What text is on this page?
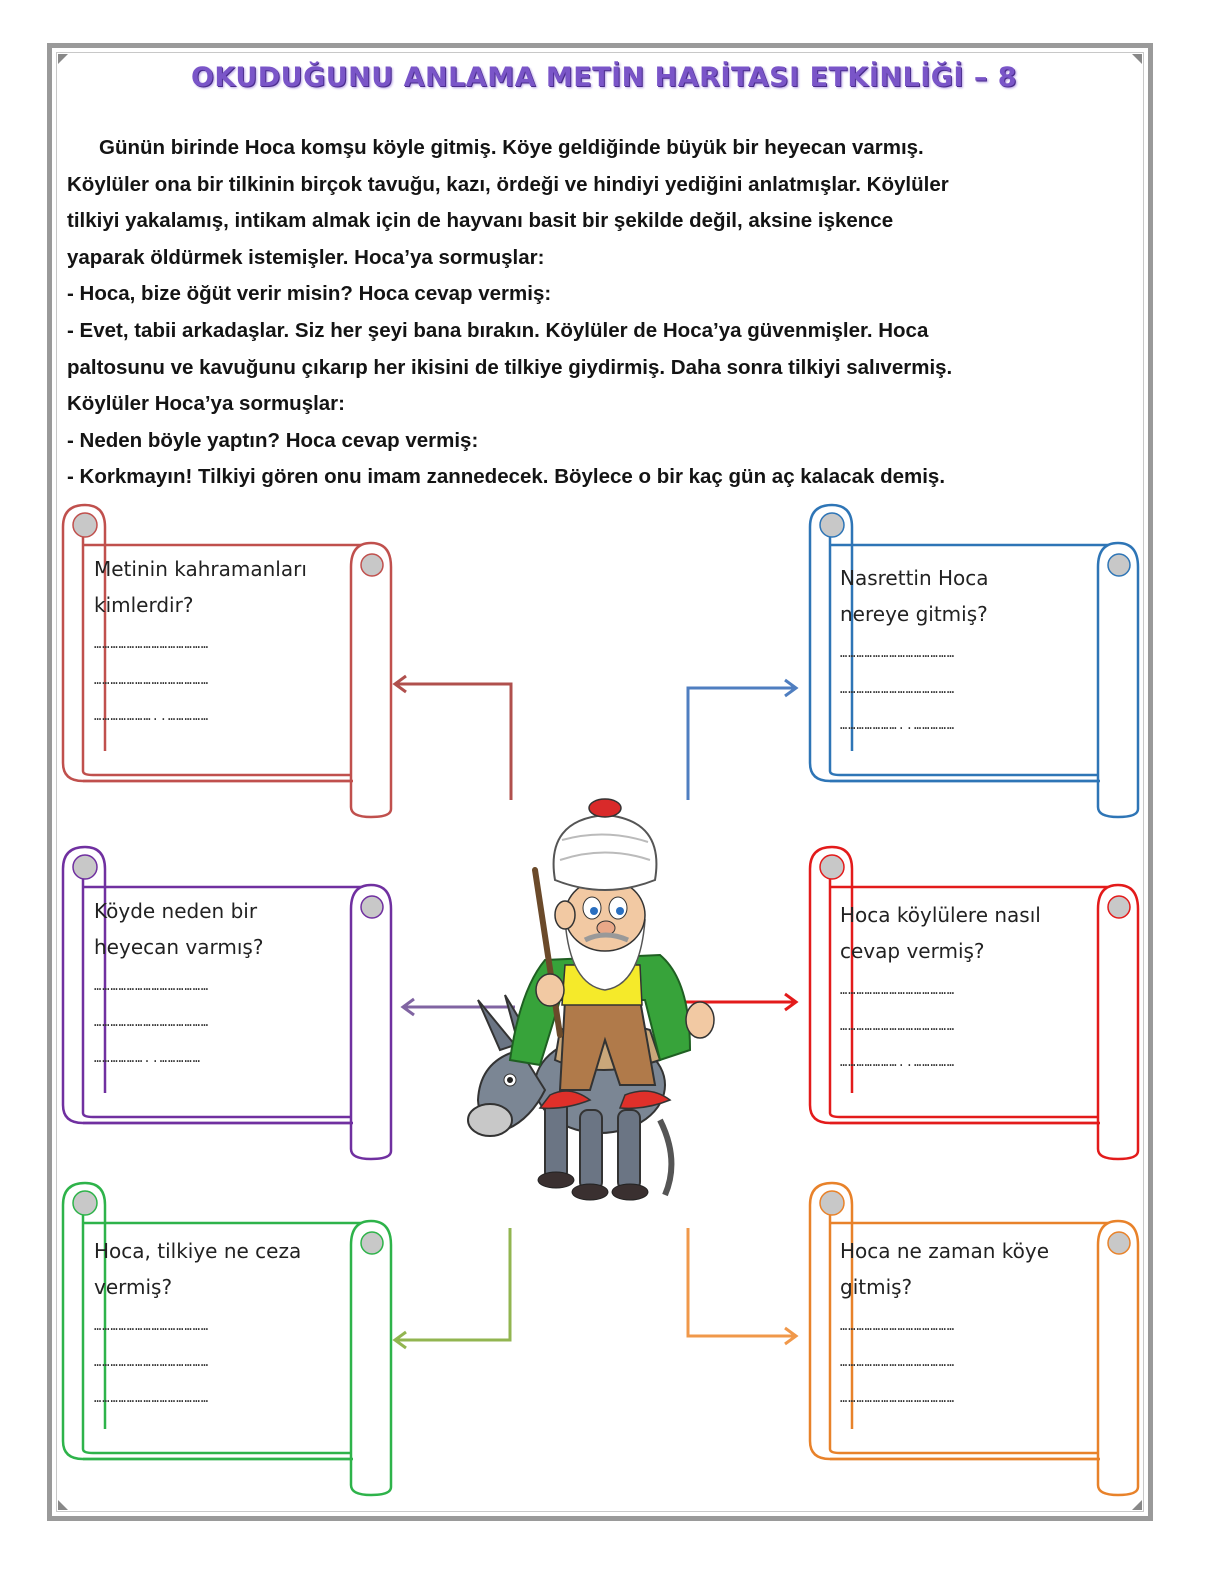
OKUDUĞUNU ANLAMA METİN HARİTASI ETKİNLİĞİ – 8

Günün birinde Hoca komşu köyle gitmiş. Köye geldiğinde büyük bir heyecan varmış.

Köylüler ona bir tilkinin birçok tavuğu, kazı, ördeği ve hindiyi yediğini anlatmışlar. Köylüler

tilkiyi yakalamış, intikam almak için de hayvanı basit bir şekilde değil, aksine işkence

yaparak öldürmek istemişler. Hoca’ya sormuşlar:

- Hoca, bize öğüt verir misin? Hoca cevap vermiş:

- Evet, tabii arkadaşlar. Siz her şeyi bana bırakın. Köylüler de Hoca’ya güvenmişler. Hoca

paltosunu ve kavuğunu çıkarıp her ikisini de tilkiye giydirmiş. Daha sonra tilkiyi salıvermiş.

Köylüler Hoca’ya sormuşlar:

- Neden böyle yaptın? Hoca cevap vermiş:

- Korkmayın! Tilkiyi gören onu imam zannedecek. Böylece o bir kaç gün aç kalacak demiş.

Metinin kahramanları
kimlerdir?
……………………………………
……………………………………
…………………..……………
Nasrettin Hoca
nereye gitmiş?
……………………………………
……………………………………
…………………..……………
Köyde neden bir
heyecan varmış?
……………………………………
……………………………………
………………..……………
Hoca köylülere nasıl
cevap vermiş?
……………………………………
……………………………………
…………………..……………
Hoca, tilkiye ne ceza
vermiş?
……………………………………
……………………………………
……………………………………
Hoca ne zaman köye
gitmiş?
……………………………………
……………………………………
……………………………………
